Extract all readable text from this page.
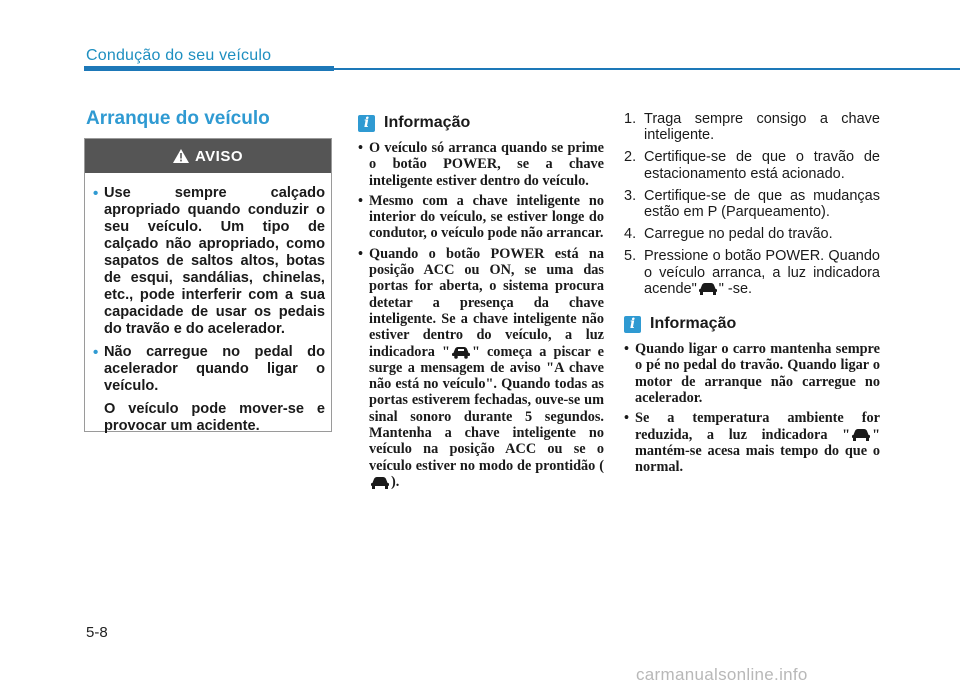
Condução do seu veículo
Arranque do veículo
AVISO
• Use sempre calçado apropriado quando conduzir o seu veículo. Um tipo de calçado não apropriado, como sapatos de saltos altos, botas de esqui, sandálias, chinelas, etc., pode interferir com a sua capacidade de usar os pedais do travão e do acelerador.
• Não carregue no pedal do acelerador quando ligar o veículo.
O veículo pode mover-se e provocar um acidente.
i Informação
• O veículo só arranca quando se prime o botão POWER, se a chave inteligente estiver dentro do veículo.
• Mesmo com a chave inteligente no interior do veículo, se estiver longe do condutor, o veículo pode não arrancar.
• Quando o botão POWER está na posição ACC ou ON, se uma das portas for aberta, o sistema procura detetar a presença da chave inteligente. Se a chave inteligente não estiver dentro do veículo, a luz indicadora " " começa a piscar e surge a mensagem de aviso "A chave não está no veículo". Quando todas as portas estiverem fechadas, ouve-se um sinal sonoro durante 5 segundos. Mantenha a chave inteligente no veículo na posição ACC ou se o veículo estiver no modo de prontidão ().
1. Traga sempre consigo a chave inteligente.
2. Certifique-se de que o travão de estacionamento está acionado.
3. Certifique-se de que as mudanças estão em P (Parqueamento).
4. Carregue no pedal do travão.
5. Pressione o botão POWER. Quando o veículo arranca, a luz indicadora acende" " -se.
i Informação
• Quando ligar o carro mantenha sempre o pé no pedal do travão. Quando ligar o motor de arranque não carregue no acelerador.
• Se a temperatura ambiente for reduzida, a luz indicadora " " mantém-se acesa mais tempo do que o normal.
5-8
carmanualsonline.info
